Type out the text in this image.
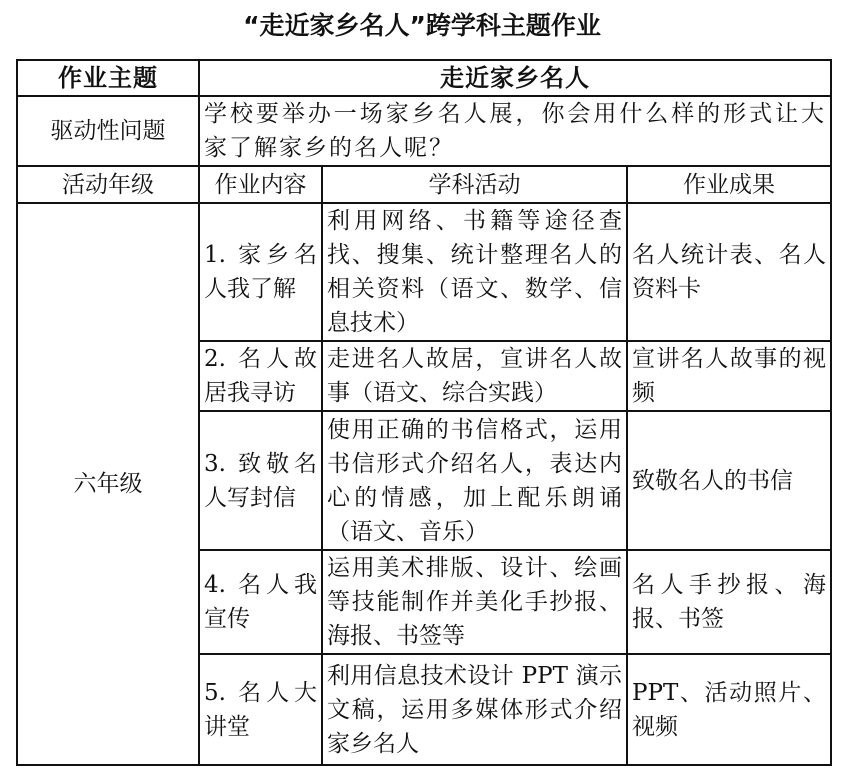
“走近家乡名人”跨学科主题作业
作业主题	走近家乡名人		
驱动性问题	学校要举办一场家乡名人展，你会用什么样的形式让大家了解家乡的名人呢？		
活动年级	作业内容	学科活动	作业成果
六年级	1. 家乡名人我了解	利用网络、书籍等途径查找、搜集、统计整理名人的相关资料（语文、数学、信息技术）	名人统计表、名人资料卡
	2. 名人故居我寻访	走进名人故居，宣讲名人故事（语文、综合实践）	宣讲名人故事的视频
	3. 致敬名人写封信	使用正确的书信格式，运用书信形式介绍名人，表达内心的情感，加上配乐朗诵（语文、音乐）	致敬名人的书信
	4. 名人我宣传	运用美术排版、设计、绘画等技能制作并美化手抄报、海报、书签等	名人手抄报、海报、书签
	5. 名人大讲堂	利用信息技术设计 PPT 演示文稿，运用多媒体形式介绍家乡名人	PPT、活动照片、视频
